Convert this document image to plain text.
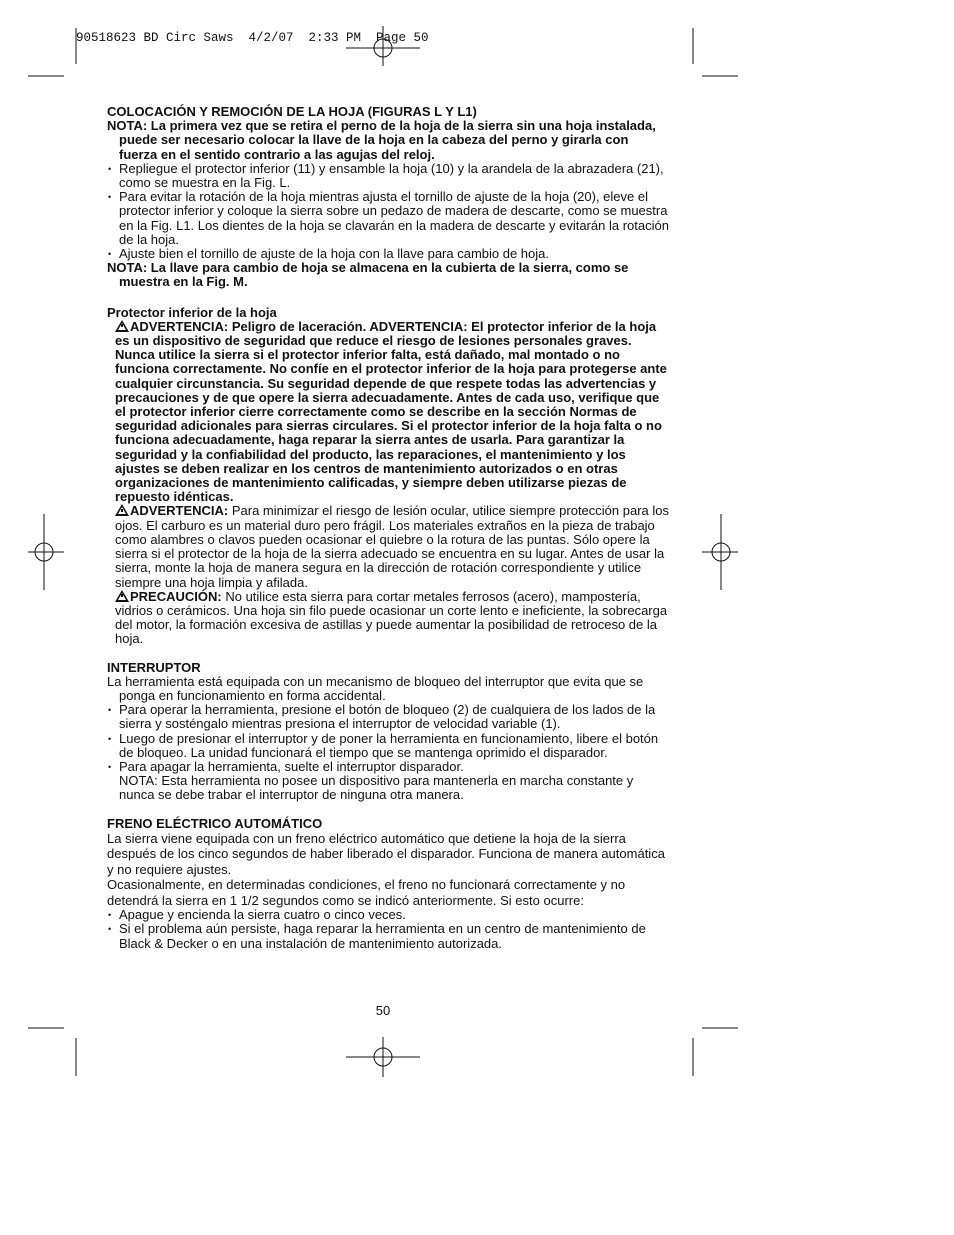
90518623 BD Circ Saws  4/2/07  2:33 PM  Page 50

COLOCACIÓN Y REMOCIÓN DE LA HOJA (FIGURAS L Y L1)

NOTA: La primera vez que se retira el perno de la hoja de la sierra sin una hoja instalada, puede ser necesario colocar la llave de la hoja en la cabeza del perno y girarla con fuerza en el sentido contrario a las agujas del reloj.

• Repliegue el protector inferior (11) y ensamble la hoja (10) y la arandela de la abrazadera (21), como se muestra en la Fig. L.
• Para evitar la rotación de la hoja mientras ajusta el tornillo de ajuste de la hoja (20), eleve el protector inferior y coloque la sierra sobre un pedazo de madera de descarte, como se muestra en la Fig. L1. Los dientes de la hoja se clavarán en la madera de descarte y evitarán la rotación de la hoja.
• Ajuste bien el tornillo de ajuste de la hoja con la llave para cambio de hoja.

NOTA: La llave para cambio de hoja se almacena en la cubierta de la sierra, como se muestra en la Fig. M.

Protector inferior de la hoja

ADVERTENCIA: Peligro de laceración. ADVERTENCIA: El protector inferior de la hoja es un dispositivo de seguridad que reduce el riesgo de lesiones personales graves. Nunca utilice la sierra si el protector inferior falta, está dañado, mal montado o no funciona correctamente. No confíe en el protector inferior de la hoja para protegerse ante cualquier circunstancia. Su seguridad depende de que respete todas las advertencias y precauciones y de que opere la sierra adecuadamente. Antes de cada uso, verifique que el protector inferior cierre correctamente como se describe en la sección Normas de seguridad adicionales para sierras circulares. Si el protector inferior de la hoja falta o no funciona adecuadamente, haga reparar la sierra antes de usarla. Para garantizar la seguridad y la confiabilidad del producto, las reparaciones, el mantenimiento y los ajustes se deben realizar en los centros de mantenimiento autorizados o en otras organizaciones de mantenimiento calificadas, y siempre deben utilizarse piezas de repuesto idénticas.

ADVERTENCIA: Para minimizar el riesgo de lesión ocular, utilice siempre protección para los ojos. El carburo es un material duro pero frágil. Los materiales extraños en la pieza de trabajo como alambres o clavos pueden ocasionar el quiebre o la rotura de las puntas. Sólo opere la sierra si el protector de la hoja de la sierra adecuado se encuentra en su lugar. Antes de usar la sierra, monte la hoja de manera segura en la dirección de rotación correspondiente y utilice siempre una hoja limpia y afilada.

PRECAUCIÓN: No utilice esta sierra para cortar metales ferrosos (acero), mampostería, vidrios o cerámicos. Una hoja sin filo puede ocasionar un corte lento e ineficiente, la sobrecarga del motor, la formación excesiva de astillas y puede aumentar la posibilidad de retroceso de la hoja.

INTERRUPTOR

La herramienta está equipada con un mecanismo de bloqueo del interruptor que evita que se ponga en funcionamiento en forma accidental.

• Para operar la herramienta, presione el botón de bloqueo (2) de cualquiera de los lados de la sierra y sosténgalo mientras presiona el interruptor de velocidad variable (1).
• Luego de presionar el interruptor y de poner la herramienta en funcionamiento, libere el botón de bloqueo. La unidad funcionará el tiempo que se mantenga oprimido el disparador.
• Para apagar la herramienta, suelte el interruptor disparador.

NOTA: Esta herramienta no posee un dispositivo para mantenerla en marcha constante y nunca se debe trabar el interruptor de ninguna otra manera.

FRENO ELÉCTRICO AUTOMÁTICO

La sierra viene equipada con un freno eléctrico automático que detiene la hoja de la sierra después de los cinco segundos de haber liberado el disparador. Funciona de manera automática y no requiere ajustes.

Ocasionalmente, en determinadas condiciones, el freno no funcionará correctamente y no detendrá la sierra en 1 1/2 segundos como se indicó anteriormente. Si esto ocurre:

• Apague y encienda la sierra cuatro o cinco veces.
• Si el problema aún persiste, haga reparar la herramienta en un centro de mantenimiento de Black & Decker o en una instalación de mantenimiento autorizada.
50
